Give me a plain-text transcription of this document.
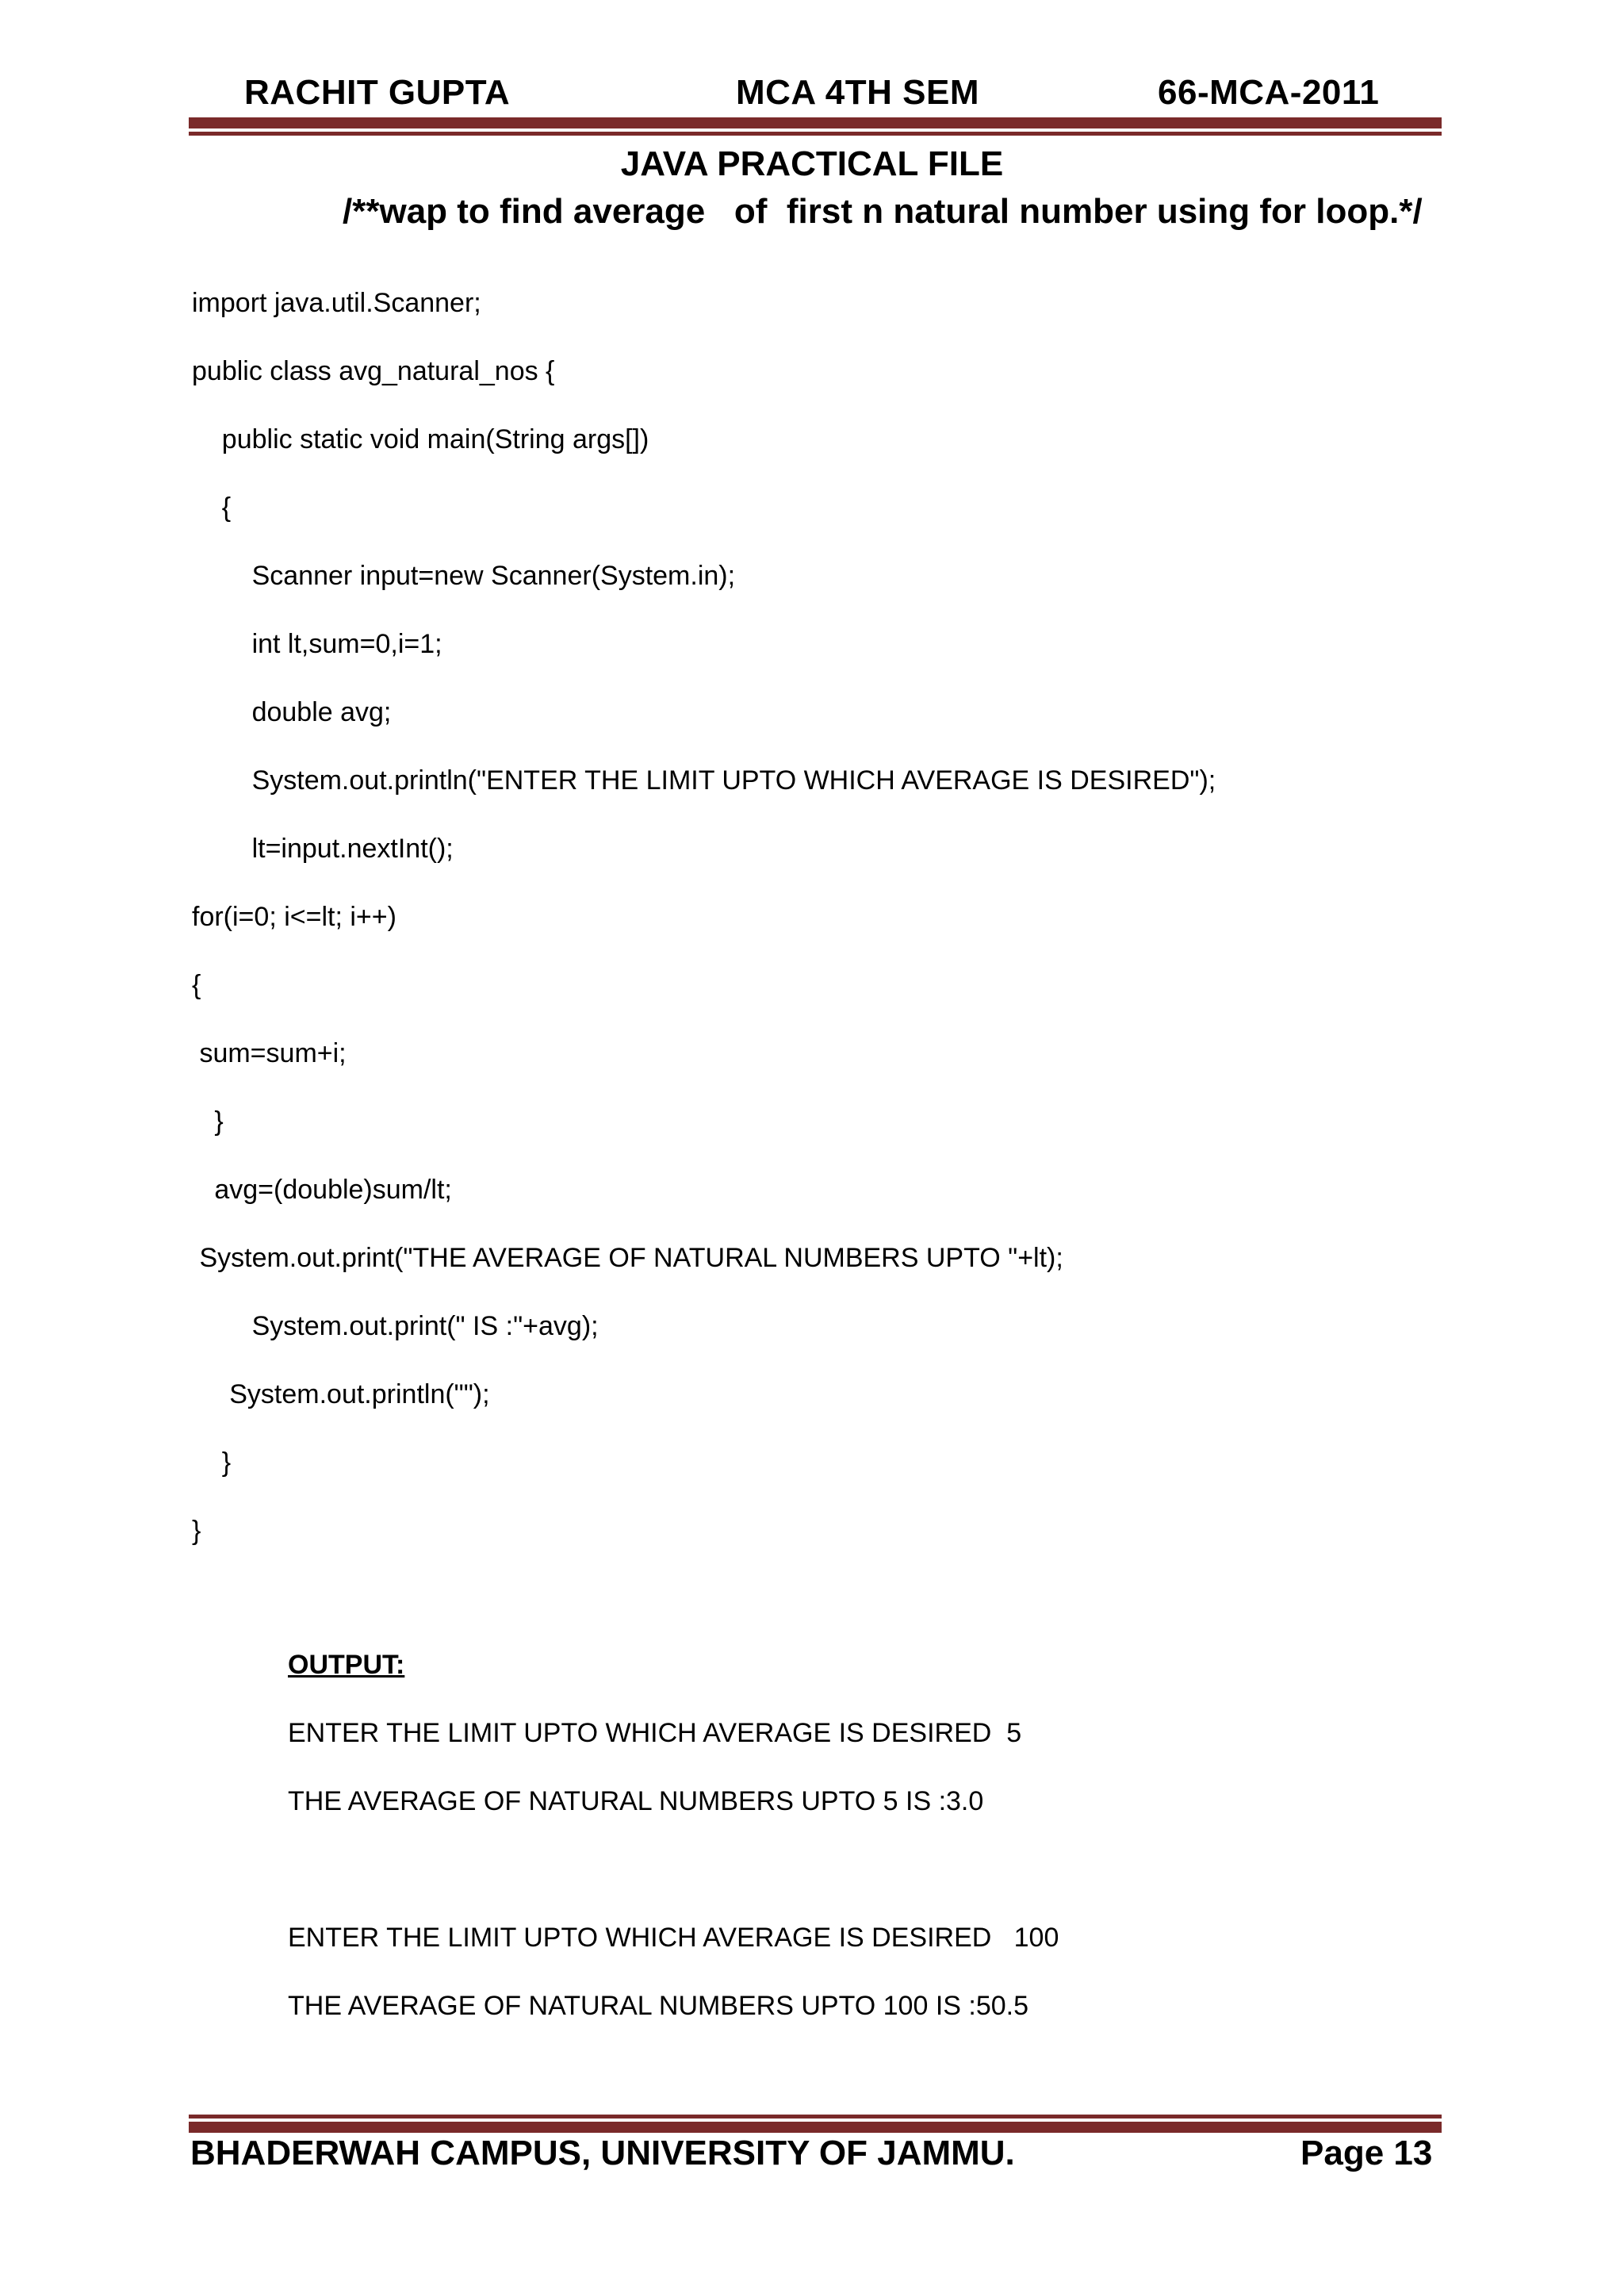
RACHIT GUPTA	MCA 4TH SEM	66-MCA-2011
JAVA PRACTICAL FILE
/**wap to find average   of  first n natural number using for loop.*/
import java.util.Scanner;
public class avg_natural_nos {
public static void main(String args[])
{
Scanner input=new Scanner(System.in);
int lt,sum=0,i=1;
double avg;
System.out.println("ENTER THE LIMIT UPTO WHICH AVERAGE IS DESIRED");
lt=input.nextInt();
for(i=0; i<=lt; i++)
{
sum=sum+i;
}
avg=(double)sum/lt;
System.out.print("THE AVERAGE OF NATURAL NUMBERS UPTO "+lt);
System.out.print(" IS :"+avg);
System.out.println("");
}
}
OUTPUT:
ENTER THE LIMIT UPTO WHICH AVERAGE IS DESIRED  5
THE AVERAGE OF NATURAL NUMBERS UPTO 5 IS :3.0
ENTER THE LIMIT UPTO WHICH AVERAGE IS DESIRED   100
THE AVERAGE OF NATURAL NUMBERS UPTO 100 IS :50.5
BHADERWAH CAMPUS, UNIVERSITY OF JAMMU.	Page 13
